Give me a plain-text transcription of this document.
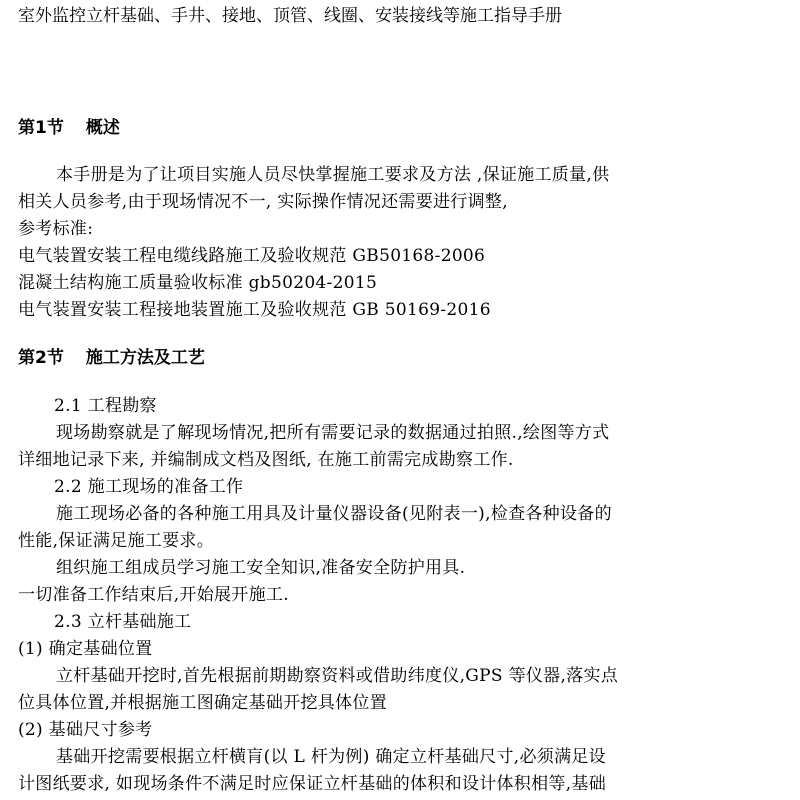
室外监控立杆基础、手井、接地、顶管、线圈、安装接线等施工指导手册
第1节 概述

本手册是为了让项目实施人员尽快掌握施工要求及方法 ,保证施工质量,供

相关人员参考,由于现场情况不一, 实际操作情况还需要进行调整,

参考标准:

电气装置安装工程电缆线路施工及验收规范 GB50168-2006

混凝土结构施工质量验收标准 gb50204-2015

电气装置安装工程接地装置施工及验收规范 GB 50169-2016

第2节 施工方法及工艺

2.1 工程勘察

现场勘察就是了解现场情况,把所有需要记录的数据通过拍照.,绘图等方式

详细地记录下来, 并编制成文档及图纸, 在施工前需完成勘察工作.

2.2 施工现场的准备工作

施工现场必备的各种施工用具及计量仪器设备(见附表一),检查各种设备的

性能,保证满足施工要求。

组织施工组成员学习施工安全知识,准备安全防护用具.

一切准备工作结束后,开始展开施工.

2.3 立杆基础施工

(1) 确定基础位置

立杆基础开挖时,首先根据前期勘察资料或借助纬度仪,GPS 等仪器,落实点

位具体位置,并根据施工图确定基础开挖具体位置

(2) 基础尺寸参考

基础开挖需要根据立杆横肓(以 L 杆为例) 确定立杆基础尺寸,必须满足设

计图纸要求, 如现场条件不满足时应保证立杆基础的体积和设计体积相等,基础
